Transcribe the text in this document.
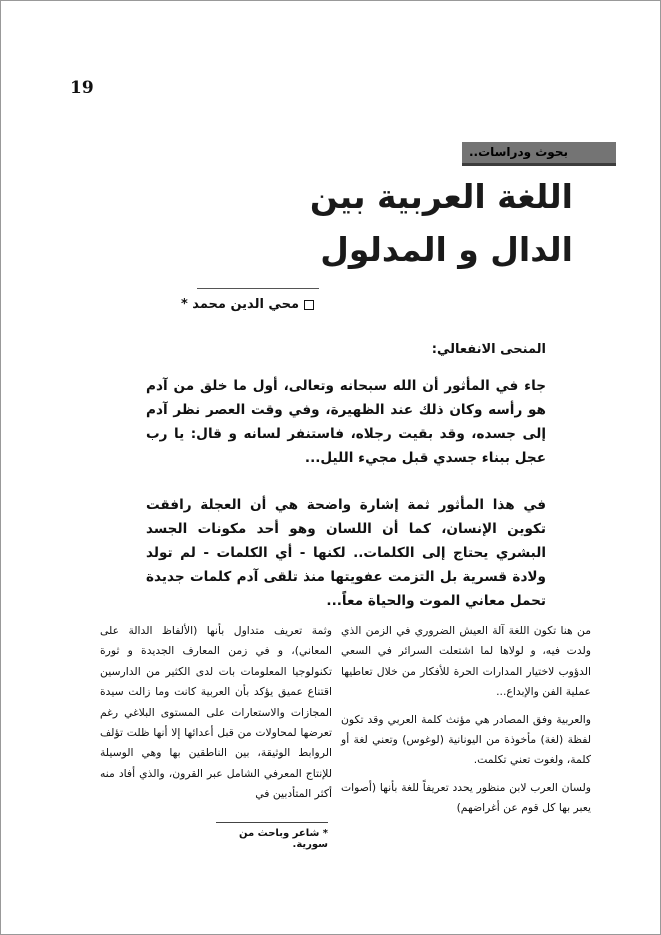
19
بحوث ودراسات..
اللغة العربية بين
الدال و المدلول
محي الدين محمد *
المنحى الانفعالي:
جاء في المأثور أن الله سبحانه وتعالى، أول ما خلق من آدم هو رأسه وكان ذلك عند الظهيرة، وفي وقت العصر نظر آدم إلى جسده، وقد بقيت رجلاه، فاستنفر لسانه و قال: يا رب عجل ببناء جسدي قبل مجيء الليل...
في هذا المأثور ثمة إشارة واضحة هي أن العجلة رافقت تكوين الإنسان، كما أن اللسان وهو أحد مكونات الجسد البشري يحتاج إلى الكلمات.. لكنها - أي الكلمات - لم تولد ولادة قسرية بل التزمت عفويتها منذ تلقى آدم كلمات جديدة تحمل معاني الموت والحياة معاً...

من هنا تكون اللغة آلة العيش الضروري في الزمن الذي ولدت فيه، و لولاها لما اشتعلت السرائر في السعي الدؤوب لاختيار المدارات الحرة للأفكار من خلال تعاطيها عملية الفن والإبداع...

والعربية وفق المصادر هي مؤنث كلمة العربي وقد تكون لفظة (لغة) مأخوذة من اليونانية (لوغوس) وتعني لغة أو كلمة، ولغوت تعني تكلمت.

ولسان العرب لابن منظور يحدد تعريفاً للغة بأنها (أصوات يعبر بها كل قوم عن أغراضهم)

وثمة تعريف متداول بأنها (الألفاظ الدالة على المعاني)، و في زمن المعارف الجديدة و ثورة تكنولوجيا المعلومات بات لدى الكثير من الدارسين اقتناع عميق يؤكد بأن العربية كانت وما زالت سيدة المجازات والاستعارات على المستوى البلاغي رغم تعرضها لمحاولات من قبل أعدائها إلا أنها ظلت تؤلف الروابط الوثيقة، بين الناطقين بها وهي الوسيلة للإنتاج المعرفي الشامل عبر القرون، والذي أفاد منه أكثر المتأدبين في

* شاعر وباحث من سورية.
